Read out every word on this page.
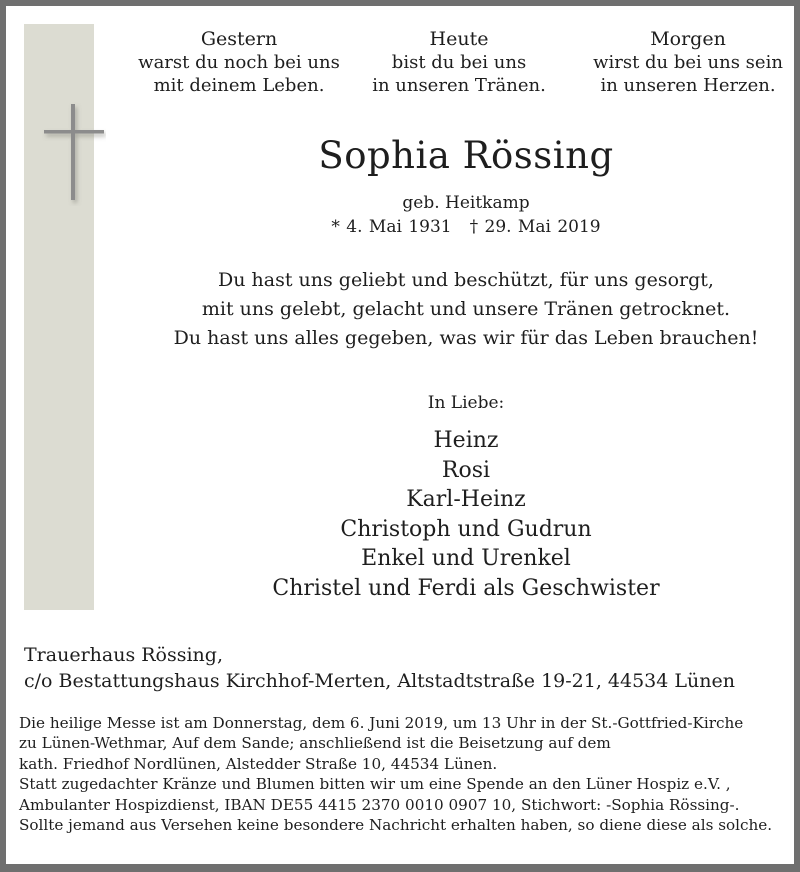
Gestern
warst du noch bei uns
mit deinem Leben.
Heute
bist du bei uns
in unseren Tränen.
Morgen
wirst du bei uns sein
in unseren Herzen.
Sophia Rössing
geb. Heitkamp
* 4. Mai 1931 † 29. Mai 2019
Du hast uns geliebt und beschützt, für uns gesorgt,
mit uns gelebt, gelacht und unsere Tränen getrocknet.
Du hast uns alles gegeben, was wir für das Leben brauchen!
In Liebe:
Heinz
Rosi
Karl-Heinz
Christoph und Gudrun
Enkel und Urenkel
Christel und Ferdi als Geschwister
Trauerhaus Rössing,
c/o Bestattungshaus Kirchhof-Merten, Altstadtstraße 19-21, 44534 Lünen
Die heilige Messe ist am Donnerstag, dem 6. Juni 2019, um 13 Uhr in der St.-Gottfried-Kirche
zu Lünen-Wethmar, Auf dem Sande; anschließend ist die Beisetzung auf dem
kath. Friedhof Nordlünen, Alstedder Straße 10, 44534 Lünen.
Statt zugedachter Kränze und Blumen bitten wir um eine Spende an den Lüner Hospiz e.V. ,
Ambulanter Hospizdienst, IBAN DE55 4415 2370 0010 0907 10, Stichwort: -Sophia Rössing-.
Sollte jemand aus Versehen keine besondere Nachricht erhalten haben, so diene diese als solche.
